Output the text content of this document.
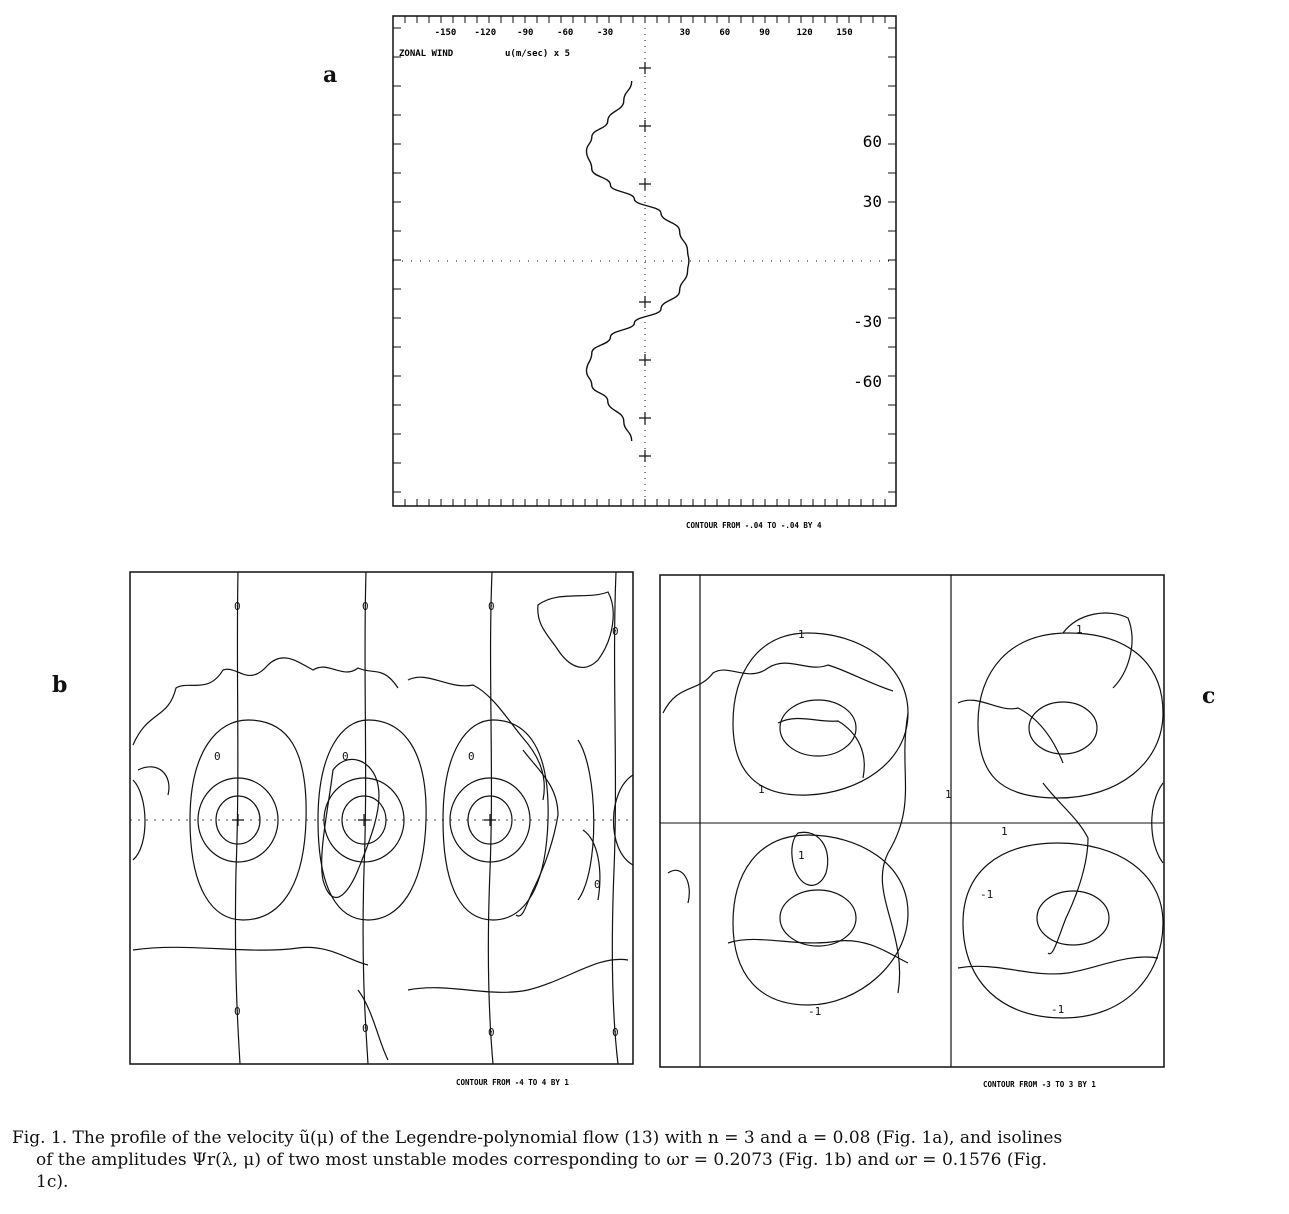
a
-150 -120 -90	-60	-30	30	60	90	120	150
60
30
-30
-60
ZONAL WIND	u(m/sec) x 5
CONTOUR FROM -.04 TO -.04 BY 4
b
0	0	0
0
0	0	0
0
0
0	0	0
CONTOUR FROM -4 TO 4 BY 1
1	1
1
-1
-1
1
-1
1
1
CONTOUR FROM -3 TO 3 BY 1
c
Fig. 1. The profile of the velocity ũ(μ) of the Legendre-polynomial flow (13) with n = 3 and a = 0.08 (Fig. 1a), and isolines
of the amplitudes Ψr(λ, μ) of two most unstable modes corresponding to ωr = 0.2073 (Fig. 1b) and ωr = 0.1576 (Fig.
1c).
